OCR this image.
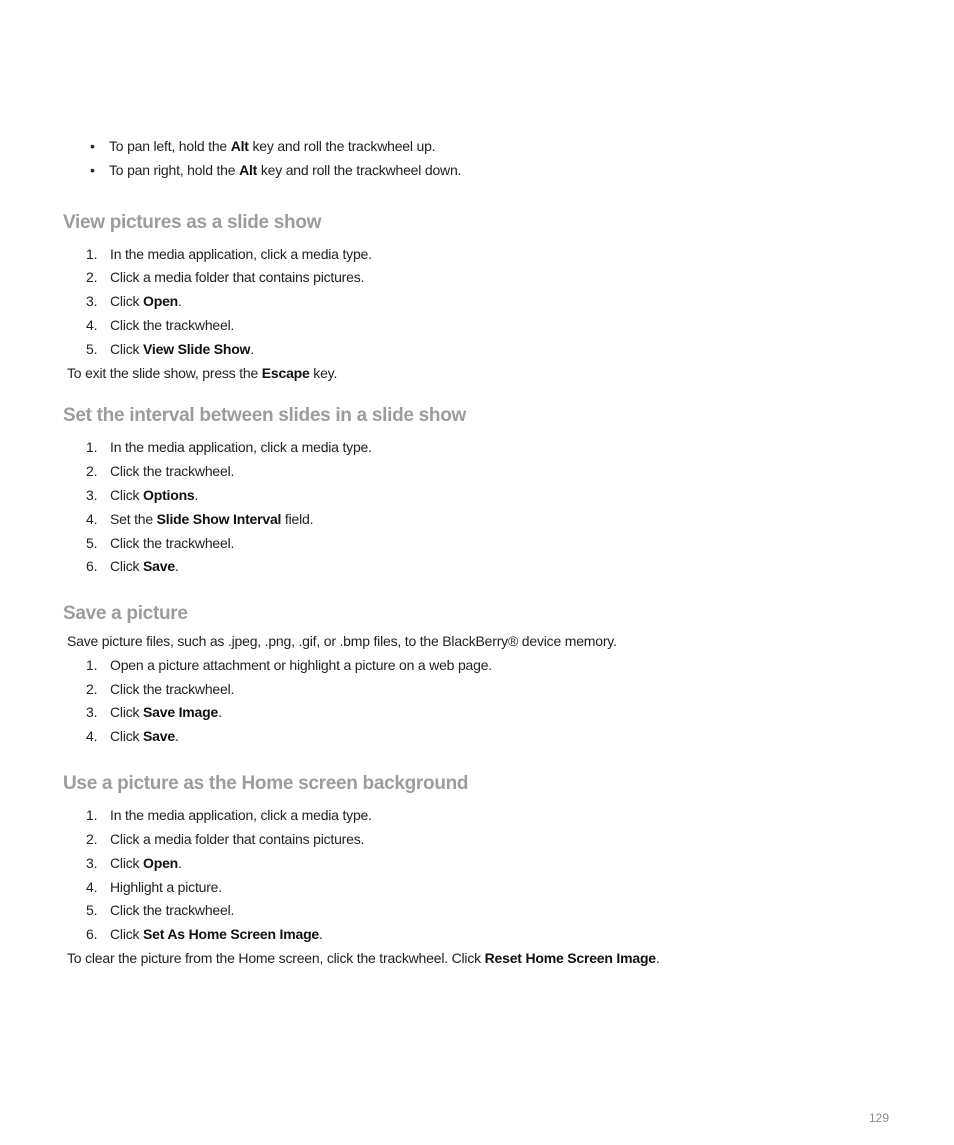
• To pan left, hold the Alt key and roll the trackwheel up.
• To pan right, hold the Alt key and roll the trackwheel down.
View pictures as a slide show
1. In the media application, click a media type.
2. Click a media folder that contains pictures.
3. Click Open.
4. Click the trackwheel.
5. Click View Slide Show.
To exit the slide show, press the Escape key.
Set the interval between slides in a slide show
1. In the media application, click a media type.
2. Click the trackwheel.
3. Click Options.
4. Set the Slide Show Interval field.
5. Click the trackwheel.
6. Click Save.
Save a picture
Save picture files, such as .jpeg, .png, .gif, or .bmp files, to the BlackBerry® device memory.
1. Open a picture attachment or highlight a picture on a web page.
2. Click the trackwheel.
3. Click Save Image.
4. Click Save.
Use a picture as the Home screen background
1. In the media application, click a media type.
2. Click a media folder that contains pictures.
3. Click Open.
4. Highlight a picture.
5. Click the trackwheel.
6. Click Set As Home Screen Image.
To clear the picture from the Home screen, click the trackwheel. Click Reset Home Screen Image.
129
